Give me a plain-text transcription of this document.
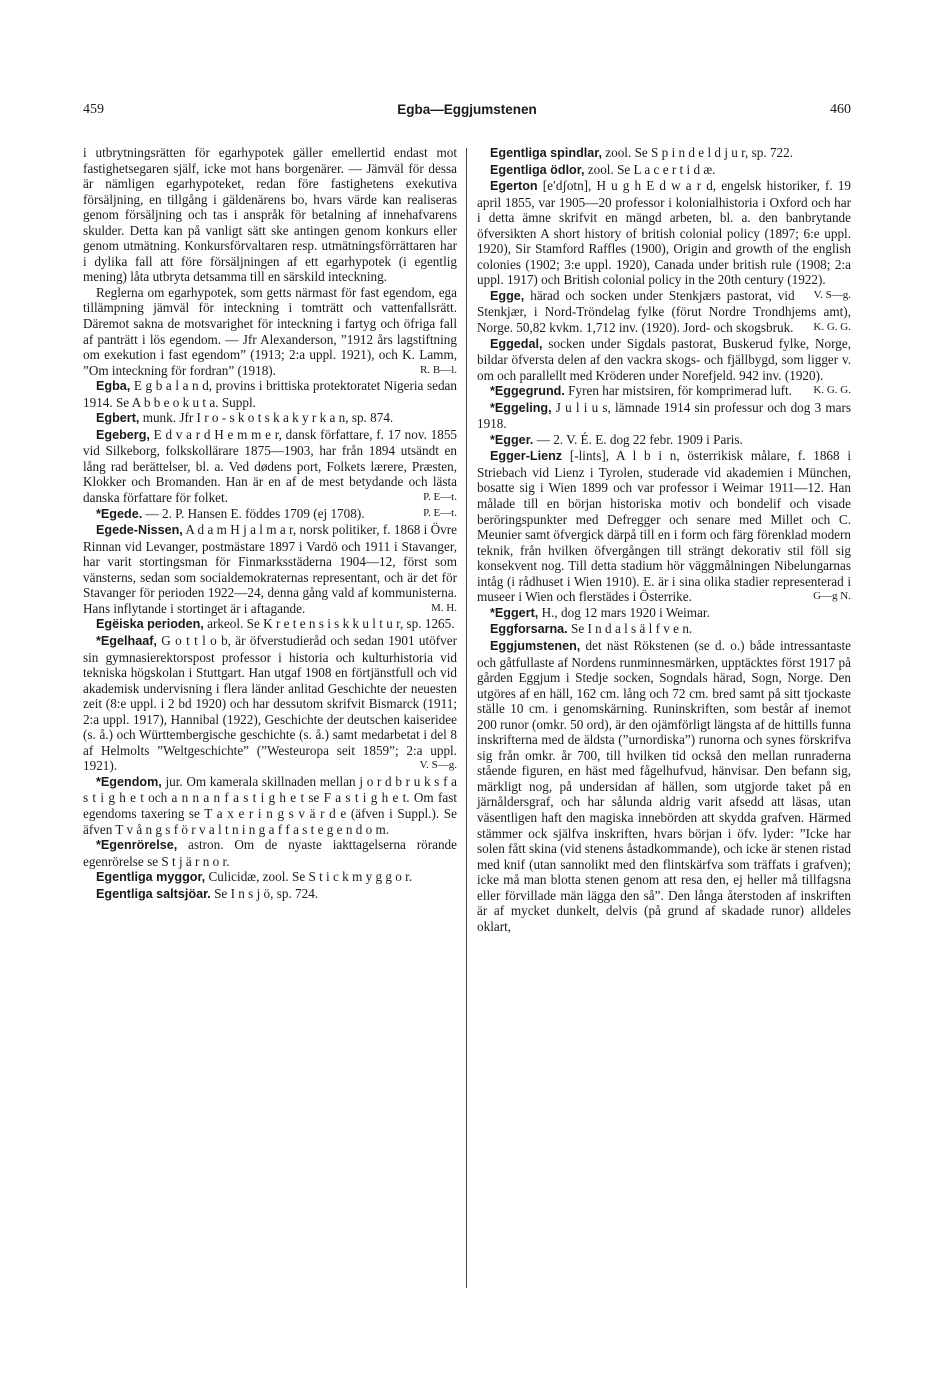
459	Egba—Eggjumstenen	460

i utbrytningsrätten för egarhypotek gäller emellertid endast mot fastighetsegaren själf, icke mot hans borgenärer. — Jämväl för dessa är nämligen egarhypoteket, redan före fastighetens exekutiva försäljning, en tillgång i gäldenärens bo, hvars värde kan realiseras genom försäljning och tas i anspråk för betalning af innehafvarens skulder. Detta kan på vanligt sätt ske antingen genom konkurs eller genom utmätning. Konkursförvaltaren resp. utmätningsförrättaren har i dylika fall att före försäljningen af ett egarhypotek (i egentlig mening) låta utbryta detsamma till en särskild inteckning.

Reglerna om egarhypotek, som getts närmast för fast egendom, ega tillämpning jämväl för inteckning i tomträtt och vattenfallsrätt. Däremot sakna de motsvarighet för inteckning i fartyg och öfriga fall af panträtt i lös egendom. — Jfr Alexanderson, ”1912 års lagstiftning om exekution i fast egendom” (1913; 2:a uppl. 1921), och K. Lamm, ”Om inteckning för fordran” (1918).	R. B—l.

Egba, E g b a l a n d, provins i brittiska protektoratet Nigeria sedan 1914. Se A b b e o k u t a. Suppl.

Egbert, munk. Jfr I r o - s k o t s k a k y r k a n, sp. 874.

Egeberg, E d v a r d H e m m e r, dansk författare, f. 17 nov. 1855 vid Silkeborg, folkskollärare 1875—1903, har från 1894 utsändt en lång rad berättelser, bl. a. Ved dødens port, Folkets lærere, Præsten, Klokker och Bromanden. Han är en af de mest betydande och lästa danska författare för folket.	P. E—t.

*Egede. — 2. P. Hansen E. föddes 1709 (ej 1708).	P. E—t.

Egede-Nissen, A d a m H j a l m a r, norsk politiker, f. 1868 i Övre Rinnan vid Levanger, postmästare 1897 i Vardö och 1911 i Stavanger, har varit stortingsman för Finmarksstäderna 1904—12, först som vänsterns, sedan som socialdemokraternas representant, och är det för Stavanger för perioden 1922—24, denna gång vald af kommunisterna. Hans inflytande i stortinget är i aftagande.	M. H.

Egëiska perioden, arkeol. Se K r e t e n s i s k k u l t u r, sp. 1265.

*Egelhaaf, G o t t l o b, är öfverstudieråd och sedan 1901 utöfver sin gymnasierektorspost professor i historia och kulturhistoria vid tekniska högskolan i Stuttgart. Han utgaf 1908 en förtjänstfull och vid akademisk undervisning i flera länder anlitad Geschichte der neuesten zeit (8:e uppl. i 2 bd 1920) och har dessutom skrifvit Bismarck (1911; 2:a uppl. 1917), Hannibal (1922), Geschichte der deutschen kaiseridee (s. å.) och Württembergische geschichte (s. å.) samt medarbetat i del 8 af Helmolts ”Weltgeschichte” (”Westeuropa seit 1859”; 2:a uppl. 1921).	V. S—g.

*Egendom, jur. Om kamerala skillnaden mellan j o r d b r u k s f a s t i g h e t och a n n a n f a s t i g h e t se F a s t i g h e t. Om fast egendoms taxering se T a x e r i n g s v ä r d e (äfven i Suppl.). Se äfven T v å n g s f ö r v a l t n i n g a f f a s t e g e n d o m.

*Egenrörelse, astron. Om de nyaste iakttagelserna rörande egenrörelse se S t j ä r n o r.

Egentliga myggor, Culicidæ, zool. Se S t i c k m y g g o r.

Egentliga saltsjöar. Se I n s j ö, sp. 724.

Egentliga spindlar, zool. Se S p i n d e l d j u r, sp. 722.

Egentliga ödlor, zool. Se L a c e r t i d æ.

Egerton [e′dʃotn], H u g h E d w a r d, engelsk historiker, f. 19 april 1855, var 1905—20 professor i kolonialhistoria i Oxford och har i detta ämne skrifvit en mängd arbeten, bl. a. den banbrytande öfversikten A short history of british colonial policy (1897; 6:e uppl. 1920), Sir Stamford Raffles (1900), Origin and growth of the english colonies (1902; 3:e uppl. 1920), Canada under british rule (1908; 2:a uppl. 1917) och British colonial policy in the 20th century (1922).
V. S—g.

Egge, härad och socken under Stenkjærs pastorat, vid Stenkjær, i Nord-Tröndelag fylke (förut Nordre Trondhjems amt), Norge. 50,82 kvkm. 1,712 inv. (1920). Jord- och skogsbruk.	K. G. G.

Eggedal, socken under Sigdals pastorat, Buskerud fylke, Norge, bildar öfversta delen af den vackra skogs- och fjällbygd, som ligger v. om och parallellt med Kröderen under Norefjeld. 942 inv. (1920).
K. G. G.

*Eggegrund. Fyren har mistsiren, för komprimerad luft.

*Eggeling, J u l i u s, lämnade 1914 sin professur och dog 3 mars 1918.

*Egger. — 2. V. É. E. dog 22 febr. 1909 i Paris.

Egger-Lienz [-lints], A l b i n, österrikisk målare, f. 1868 i Striebach vid Lienz i Tyrolen, studerade vid akademien i München, bosatte sig i Wien 1899 och var professor i Weimar 1911—12. Han målade till en början historiska motiv och bondelif och visade beröringspunkter med Defregger och senare med Millet och C. Meunier samt öfvergick därpå till en i form och färg förenklad modern teknik, från hvilken öfvergången till strängt dekorativ stil föll sig konsekvent nog. Till detta stadium hör väggmålningen Nibelungarnas intåg (i rådhuset i Wien 1910). E. är i sina olika stadier representerad i museer i Wien och flerstädes i Österrike.	G—g N.

*Eggert, H., dog 12 mars 1920 i Weimar.

Eggforsarna. Se I n d a l s ä l f v e n.

Eggjumstenen, det näst Rökstenen (se d. o.) både intressantaste och gåtfullaste af Nordens runminnesmärken, upptäcktes först 1917 på gården Eggjum i Stedje socken, Sogndals härad, Sogn, Norge. Den utgöres af en häll, 162 cm. lång och 72 cm. bred samt på sitt tjockaste ställe 10 cm. i genomskärning. Runinskriften, som består af inemot 200 runor (omkr. 50 ord), är den ojämförligt längsta af de hittills funna inskrifterna med de äldsta (”urnordiska”) runorna och synes förskrifva sig från omkr. år 700, till hvilken tid också den mellan runraderna stående figuren, en häst med fågelhufvud, hänvisar. Den befann sig, märkligt nog, på undersidan af hällen, som utgjorde taket på en järnåldersgraf, och har sålunda aldrig varit afsedd att läsas, utan väsentligen haft den magiska innebörden att skydda grafven. Härmed stämmer ock själfva inskriften, hvars början i öfv. lyder: ”Icke har solen fått skina (vid stenens åstadkommande), och icke är stenen ristad med knif (utan sannolikt med den flintskärfva som träffats i grafven); icke må man blotta stenen genom att resa den, ej heller må tillfagsna eller förvillade män lägga den så”. Den långa återstoden af inskriften är af mycket dunkelt, delvis (på grund af skadade runor) alldeles oklart,
